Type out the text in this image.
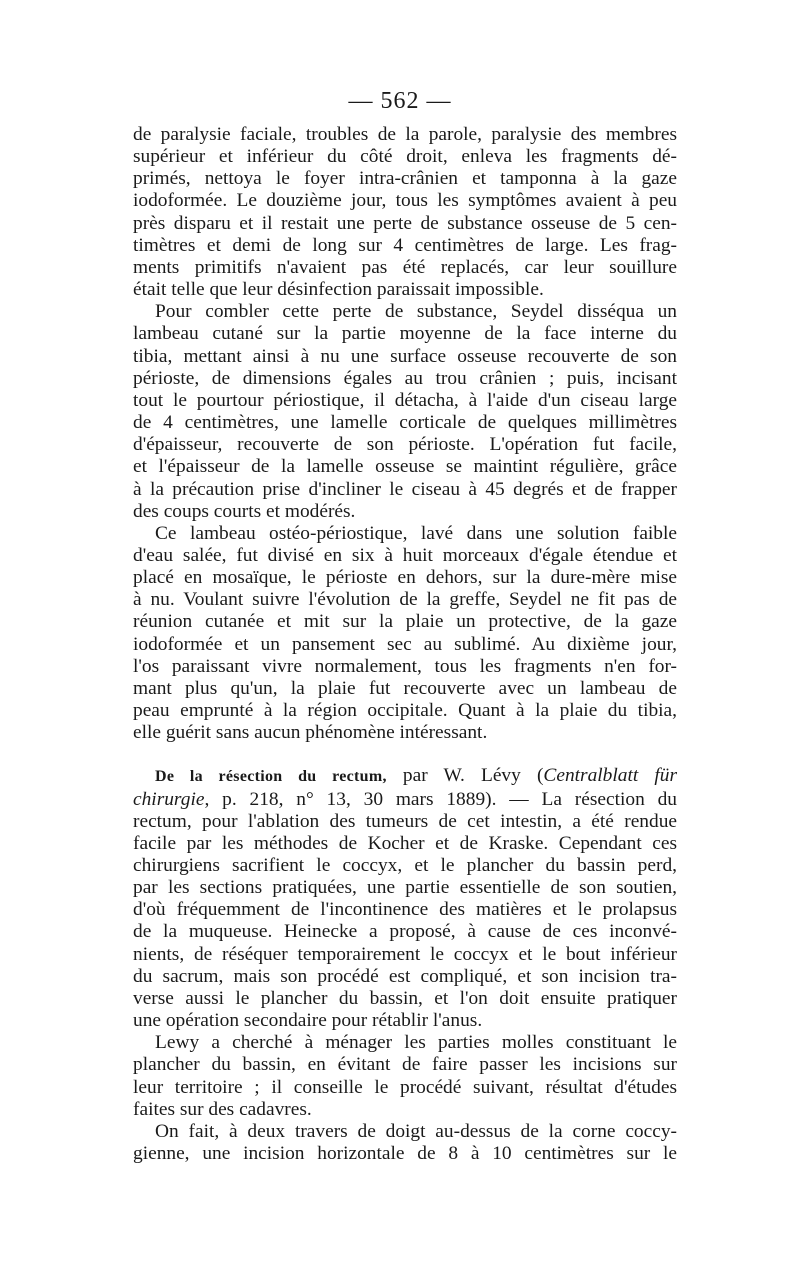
— 562 —
de paralysie faciale, troubles de la parole, paralysie des membres
supérieur et inférieur du côté droit, enleva les fragments dé-
primés, nettoya le foyer intra-crânien et tamponna à la gaze
iodoformée. Le douzième jour, tous les symptômes avaient à peu
près disparu et il restait une perte de substance osseuse de 5 cen-
timètres et demi de long sur 4 centimètres de large. Les frag-
ments primitifs n'avaient pas été replacés, car leur souillure
était telle que leur désinfection paraissait impossible.
Pour combler cette perte de substance, Seydel disséqua un
lambeau cutané sur la partie moyenne de la face interne du
tibia, mettant ainsi à nu une surface osseuse recouverte de son
périoste, de dimensions égales au trou crânien ; puis, incisant
tout le pourtour périostique, il détacha, à l'aide d'un ciseau large
de 4 centimètres, une lamelle corticale de quelques millimètres
d'épaisseur, recouverte de son périoste. L'opération fut facile,
et l'épaisseur de la lamelle osseuse se maintint régulière, grâce
à la précaution prise d'incliner le ciseau à 45 degrés et de frapper
des coups courts et modérés.
Ce lambeau ostéo-périostique, lavé dans une solution faible
d'eau salée, fut divisé en six à huit morceaux d'égale étendue et
placé en mosaïque, le périoste en dehors, sur la dure-mère mise
à nu. Voulant suivre l'évolution de la greffe, Seydel ne fit pas de
réunion cutanée et mit sur la plaie un protective, de la gaze
iodoformée et un pansement sec au sublimé. Au dixième jour,
l'os paraissant vivre normalement, tous les fragments n'en for-
mant plus qu'un, la plaie fut recouverte avec un lambeau de
peau emprunté à la région occipitale. Quant à la plaie du tibia,
elle guérit sans aucun phénomène intéressant.
De la résection du rectum, par W. Lévy (Centralblatt für
chirurgie, p. 218, n° 13, 30 mars 1889). — La résection du
rectum, pour l'ablation des tumeurs de cet intestin, a été rendue
facile par les méthodes de Kocher et de Kraske. Cependant ces
chirurgiens sacrifient le coccyx, et le plancher du bassin perd,
par les sections pratiquées, une partie essentielle de son soutien,
d'où fréquemment de l'incontinence des matières et le prolapsus
de la muqueuse. Heinecke a proposé, à cause de ces inconvé-
nients, de réséquer temporairement le coccyx et le bout inférieur
du sacrum, mais son procédé est compliqué, et son incision tra-
verse aussi le plancher du bassin, et l'on doit ensuite pratiquer
une opération secondaire pour rétablir l'anus.
Lewy a cherché à ménager les parties molles constituant le
plancher du bassin, en évitant de faire passer les incisions sur
leur territoire ; il conseille le procédé suivant, résultat d'études
faites sur des cadavres.
On fait, à deux travers de doigt au-dessus de la corne coccy-
gienne, une incision horizontale de 8 à 10 centimètres sur le
